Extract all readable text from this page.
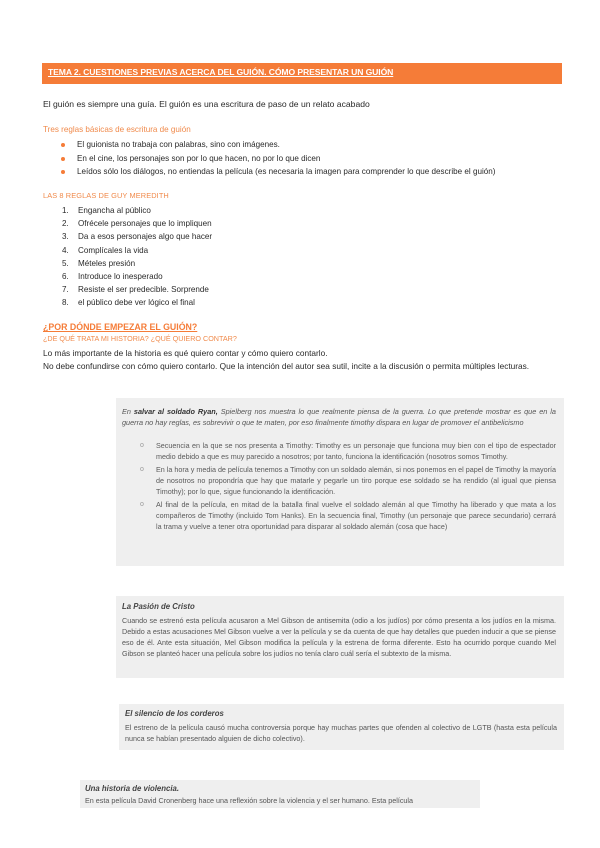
TEMA 2. CUESTIONES PREVIAS ACERCA DEL GUIÓN. CÓMO PRESENTAR UN GUIÓN
El guión es siempre una guía. El guión es una escritura de paso de un relato acabado
Tres reglas básicas de escritura de guión
El guionista no trabaja con palabras, sino con imágenes.
En el cine, los personajes son por lo que hacen, no por lo que dicen
Leídos sólo los diálogos, no entiendas la película (es necesaria la imagen para comprender lo que describe el guión)
LAS 8 REGLAS DE GUY MEREDITH
1. Engancha al público
2. Ofrécele personajes que lo impliquen
3. Da a esos personajes algo que hacer
4. Complícales la vida
5. Mételes presión
6. Introduce lo inesperado
7. Resiste el ser predecible. Sorprende
8. el público debe ver lógico el final
¿POR DÓNDE EMPEZAR EL GUIÓN?
¿DE QUÉ TRATA MI HISTORIA? ¿QUÉ QUIERO CONTAR?
Lo más importante de la historia es qué quiero contar y cómo quiero contarlo.
No debe confundirse con cómo quiero contarlo. Que la intención del autor sea sutil, incite a la discusión o permita múltiples lecturas.
En salvar al soldado Ryan, Spielberg nos muestra lo que realmente piensa de la guerra. Lo que pretende mostrar es que en la guerra no hay reglas, es sobrevivir o que te maten, por eso finalmente timothy dispara en lugar de promover el antibelicismo
o Secuencia en la que se nos presenta a Timothy: Timothy es un personaje que funciona muy bien con el tipo de espectador medio debido a que es muy parecido a nosotros; por tanto, funciona la identificación (nosotros somos Timothy.
o En la hora y media de película tenemos a Timothy con un soldado alemán, si nos ponemos en el papel de Timothy la mayoría de nosotros no propondría que hay que matarle y pegarle un tiro porque ese soldado se ha rendido (al igual que piensa Timothy); por lo que, sigue funcionando la identificación.
o Al final de la película, en mitad de la batalla final vuelve el soldado alemán al que Timothy ha liberado y que mata a los compañeros de Timothy (incluido Tom Hanks). En la secuencia final, Timothy (un personaje que parece secundario) cerrará la trama y vuelve a tener otra oportunidad para disparar al soldado alemán (cosa que hace)
La Pasión de Cristo
Cuando se estrenó esta película acusaron a Mel Gibson de antisemita (odio a los judíos) por cómo presenta a los judíos en la misma. Debido a estas acusaciones Mel Gibson vuelve a ver la película y se da cuenta de que hay detalles que pueden inducir a que se piense eso de él. Ante esta situación, Mel Gibson modifica la película y la estrena de forma diferente. Esto ha ocurrido porque cuando Mel Gibson se planteó hacer una película sobre los judíos no tenía claro cuál sería el subtexto de la misma.
El silencio de los corderos
El estreno de la película causó mucha controversia porque hay muchas partes que ofenden al colectivo de LGTB (hasta esta película nunca se habían presentado alguien de dicho colectivo).
Una historia de violencia.
En esta película David Cronenberg hace una reflexión sobre la violencia y el ser humano. Esta película
